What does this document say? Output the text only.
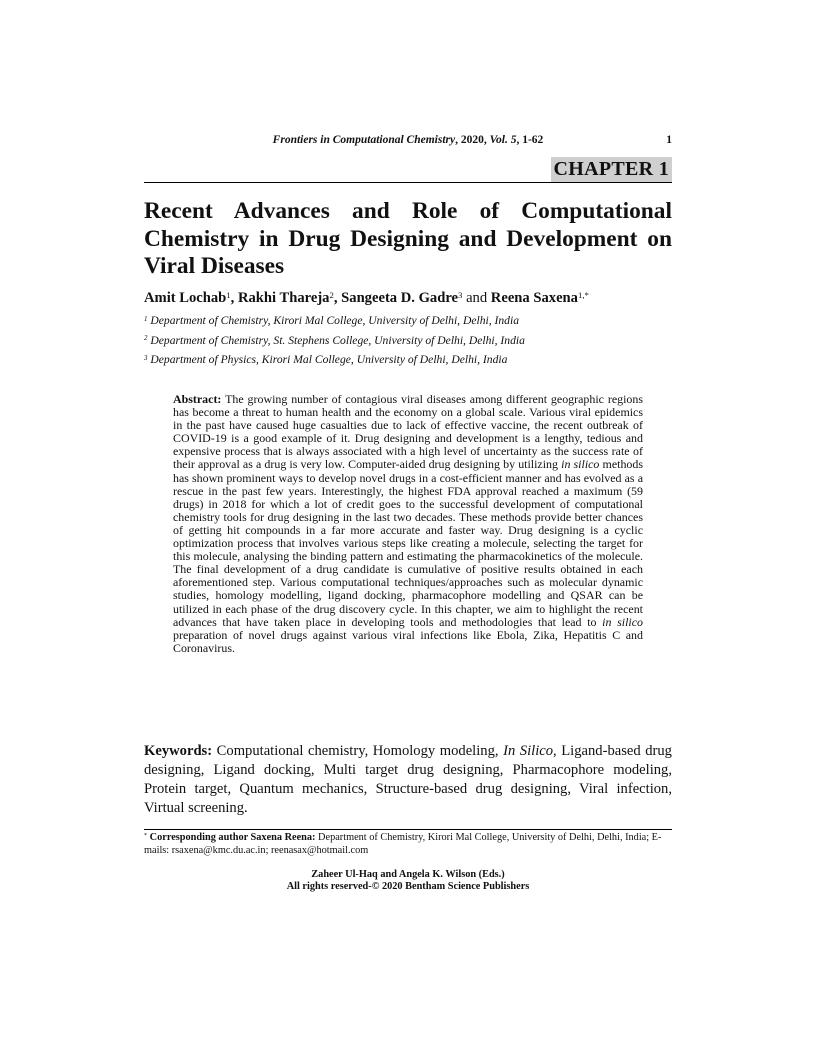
Frontiers in Computational Chemistry, 2020, Vol. 5, 1-62	1
CHAPTER 1
Recent Advances and Role of Computational
Chemistry in Drug Designing and Development on
Viral Diseases
Amit Lochab$^1$, Rakhi Thareja$^2$, Sangeeta D. Gadre$^3$ and Reena Saxena$^{1,*}$
$^1$ Department of Chemistry, Kirori Mal College, University of Delhi, Delhi, India
$^2$ Department of Chemistry, St. Stephens College, University of Delhi, Delhi, India
$^3$ Department of Physics, Kirori Mal College, University of Delhi, Delhi, India
Abstract: The growing number of contagious viral diseases among different geographic regions has become a threat to human health and the economy on a global scale. Various viral epidemics in the past have caused huge casualties due to lack of effective vaccine, the recent outbreak of COVID-19 is a good example of it. Drug designing and development is a lengthy, tedious and expensive process that is always associated with a high level of uncertainty as the success rate of their approval as a drug is very low. Computer-aided drug designing by utilizing in silico methods has shown prominent ways to develop novel drugs in a cost-efficient manner and has evolved as a rescue in the past few years. Interestingly, the highest FDA approval reached a maximum (59 drugs) in 2018 for which a lot of credit goes to the successful development of computational chemistry tools for drug designing in the last two decades. These methods provide better chances of getting hit compounds in a far more accurate and faster way. Drug designing is a cyclic optimization process that involves various steps like creating a molecule, selecting the target for this molecule, analysing the binding pattern and estimating the pharmacokinetics of the molecule. The final development of a drug candidate is cumulative of positive results obtained in each aforementioned step. Various computational techniques/approaches such as molecular dynamic studies, homology modelling, ligand docking, pharmacophore modelling and QSAR can be utilized in each phase of the drug discovery cycle. In this chapter, we aim to highlight the recent advances that have taken place in developing tools and methodologies that lead to in silico preparation of novel drugs against various viral infections like Ebola, Zika, Hepatitis C and Coronavirus.
Keywords: Computational chemistry, Homology modeling, In Silico, Ligand-based drug designing, Ligand docking, Multi target drug designing, Pharmacophore modeling, Protein target, Quantum mechanics, Structure-based drug designing, Viral infection, Virtual screening.
* Corresponding author Saxena Reena: Department of Chemistry, Kirori Mal College, University of Delhi, Delhi, India; E-mails: rsaxena@kmc.du.ac.in; reenasax@hotmail.com
Zaheer Ul-Haq and Angela K. Wilson (Eds.)
All rights reserved-© 2020 Bentham Science Publishers
